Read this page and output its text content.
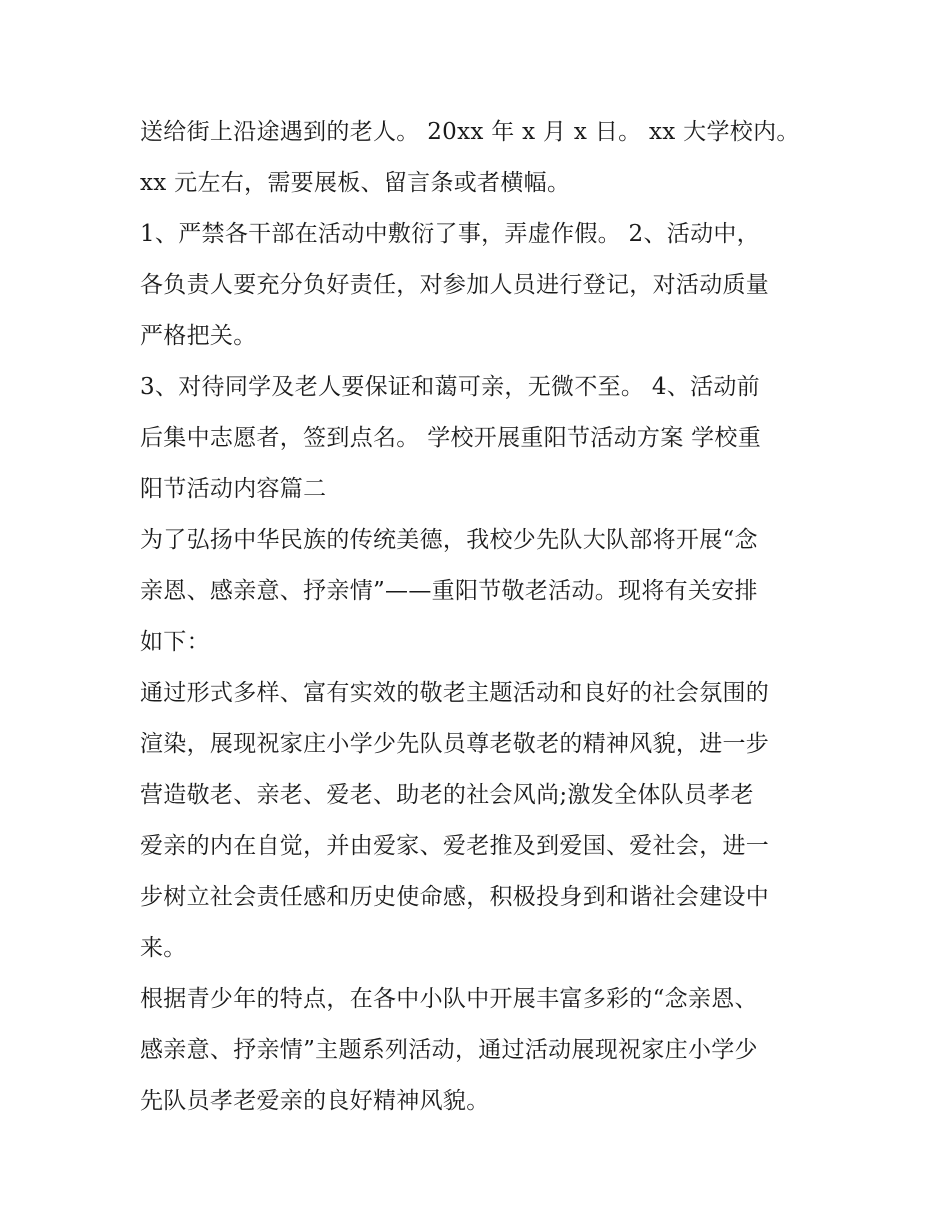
送给街上沿途遇到的老人。 20xx 年 x 月 x 日。 xx 大学校内。
xx 元左右，需要展板、留言条或者横幅。
1、严禁各干部在活动中敷衍了事，弄虚作假。 2、活动中，
各负责人要充分负好责任，对参加人员进行登记，对活动质量
严格把关。
3、对待同学及老人要保证和蔼可亲，无微不至。 4、活动前
后集中志愿者，签到点名。 学校开展重阳节活动方案 学校重
阳节活动内容篇二
为了弘扬中华民族的传统美德，我校少先队大队部将开展“念
亲恩、感亲意、抒亲情”——重阳节敬老活动。现将有关安排
如下：
通过形式多样、富有实效的敬老主题活动和良好的社会氛围的
渲染，展现祝家庄小学少先队员尊老敬老的精神风貌，进一步
营造敬老、亲老、爱老、助老的社会风尚;激发全体队员孝老
爱亲的内在自觉，并由爱家、爱老推及到爱国、爱社会，进一
步树立社会责任感和历史使命感，积极投身到和谐社会建设中
来。
根据青少年的特点，在各中小队中开展丰富多彩的“念亲恩、
感亲意、抒亲情”主题系列活动，通过活动展现祝家庄小学少
先队员孝老爱亲的良好精神风貌。
